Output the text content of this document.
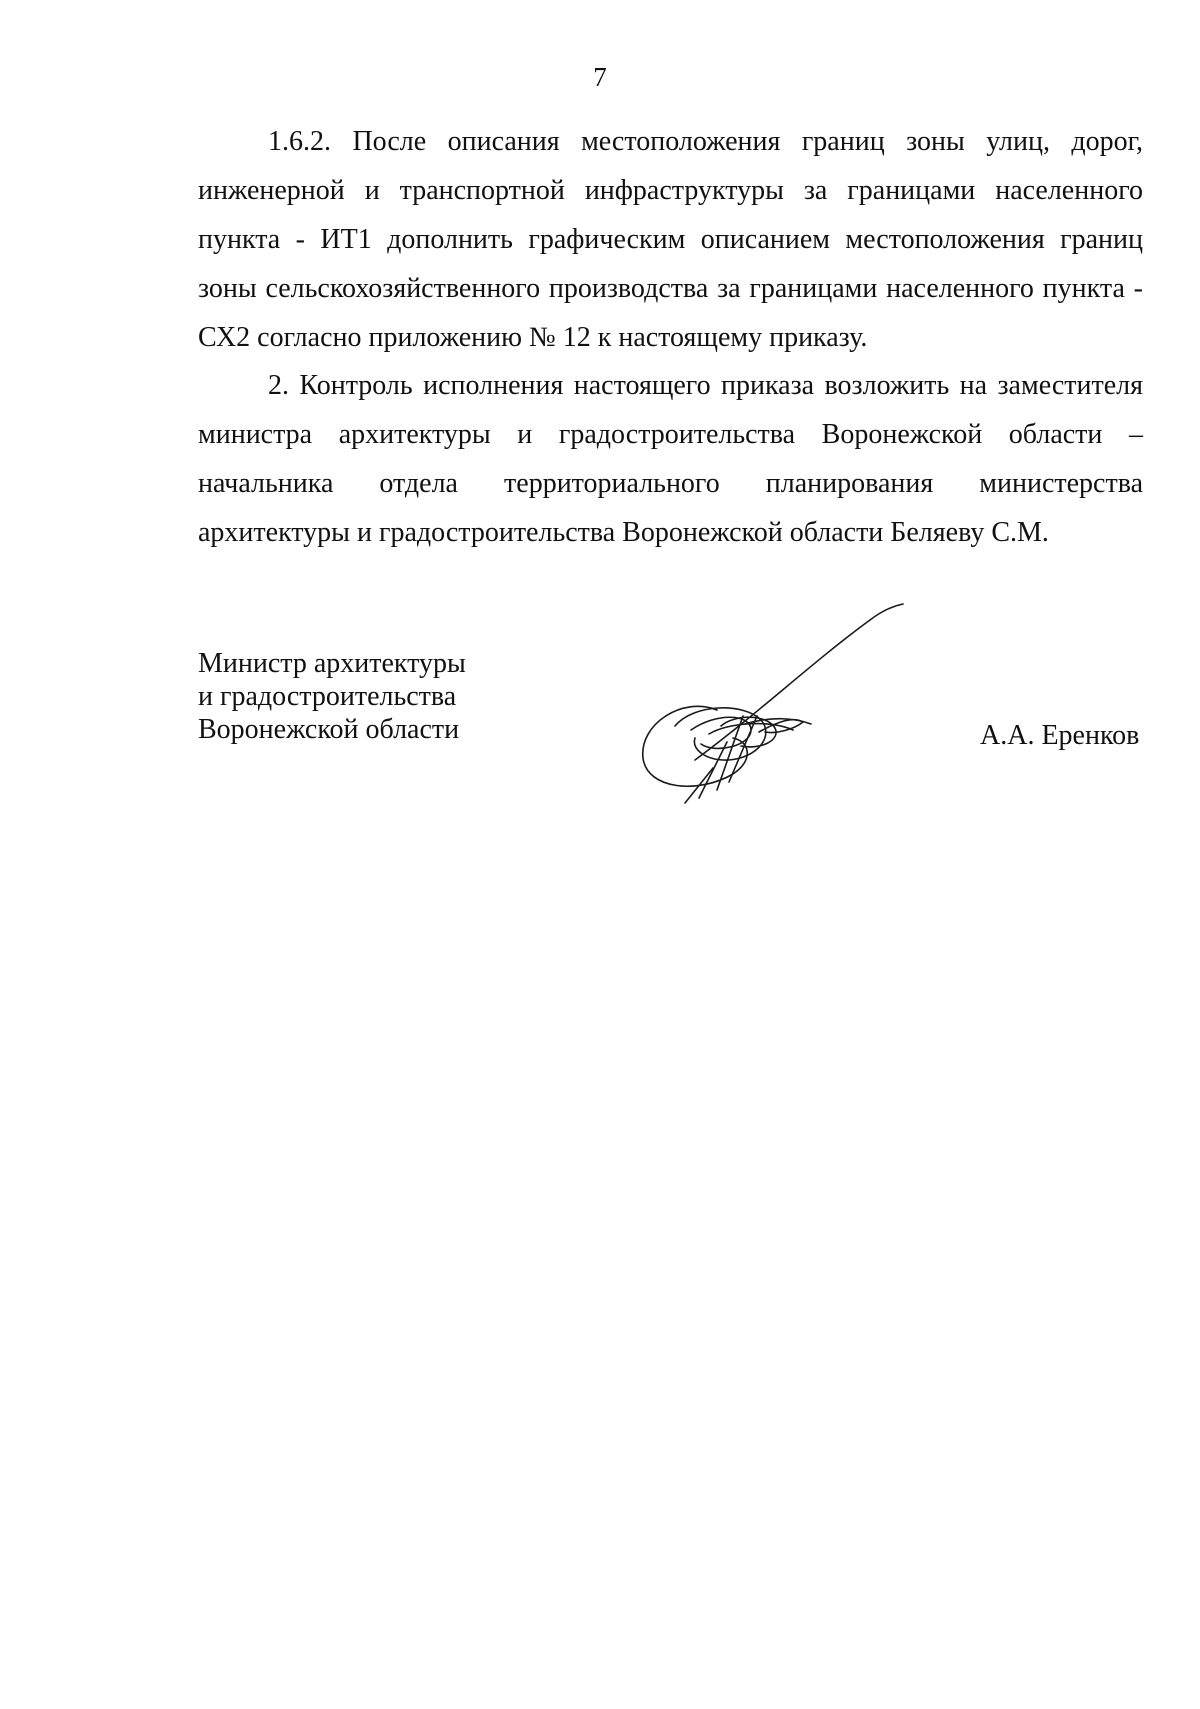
7

1.6.2. После описания местоположения границ зоны улиц, дорог, инженерной и транспортной инфраструктуры за границами населенного пункта - ИТ1 дополнить графическим описанием местоположения границ зоны сельскохозяйственного производства за границами населенного пункта - СХ2 согласно приложению № 12 к настоящему приказу.

2. Контроль исполнения настоящего приказа возложить на заместителя министра архитектуры и градостроительства Воронежской области – начальника отдела территориального планирования министерства архитектуры и градостроительства Воронежской области Беляеву С.М.

Министр архитектуры
и градостроительства
Воронежской области	А.А. Еренков
